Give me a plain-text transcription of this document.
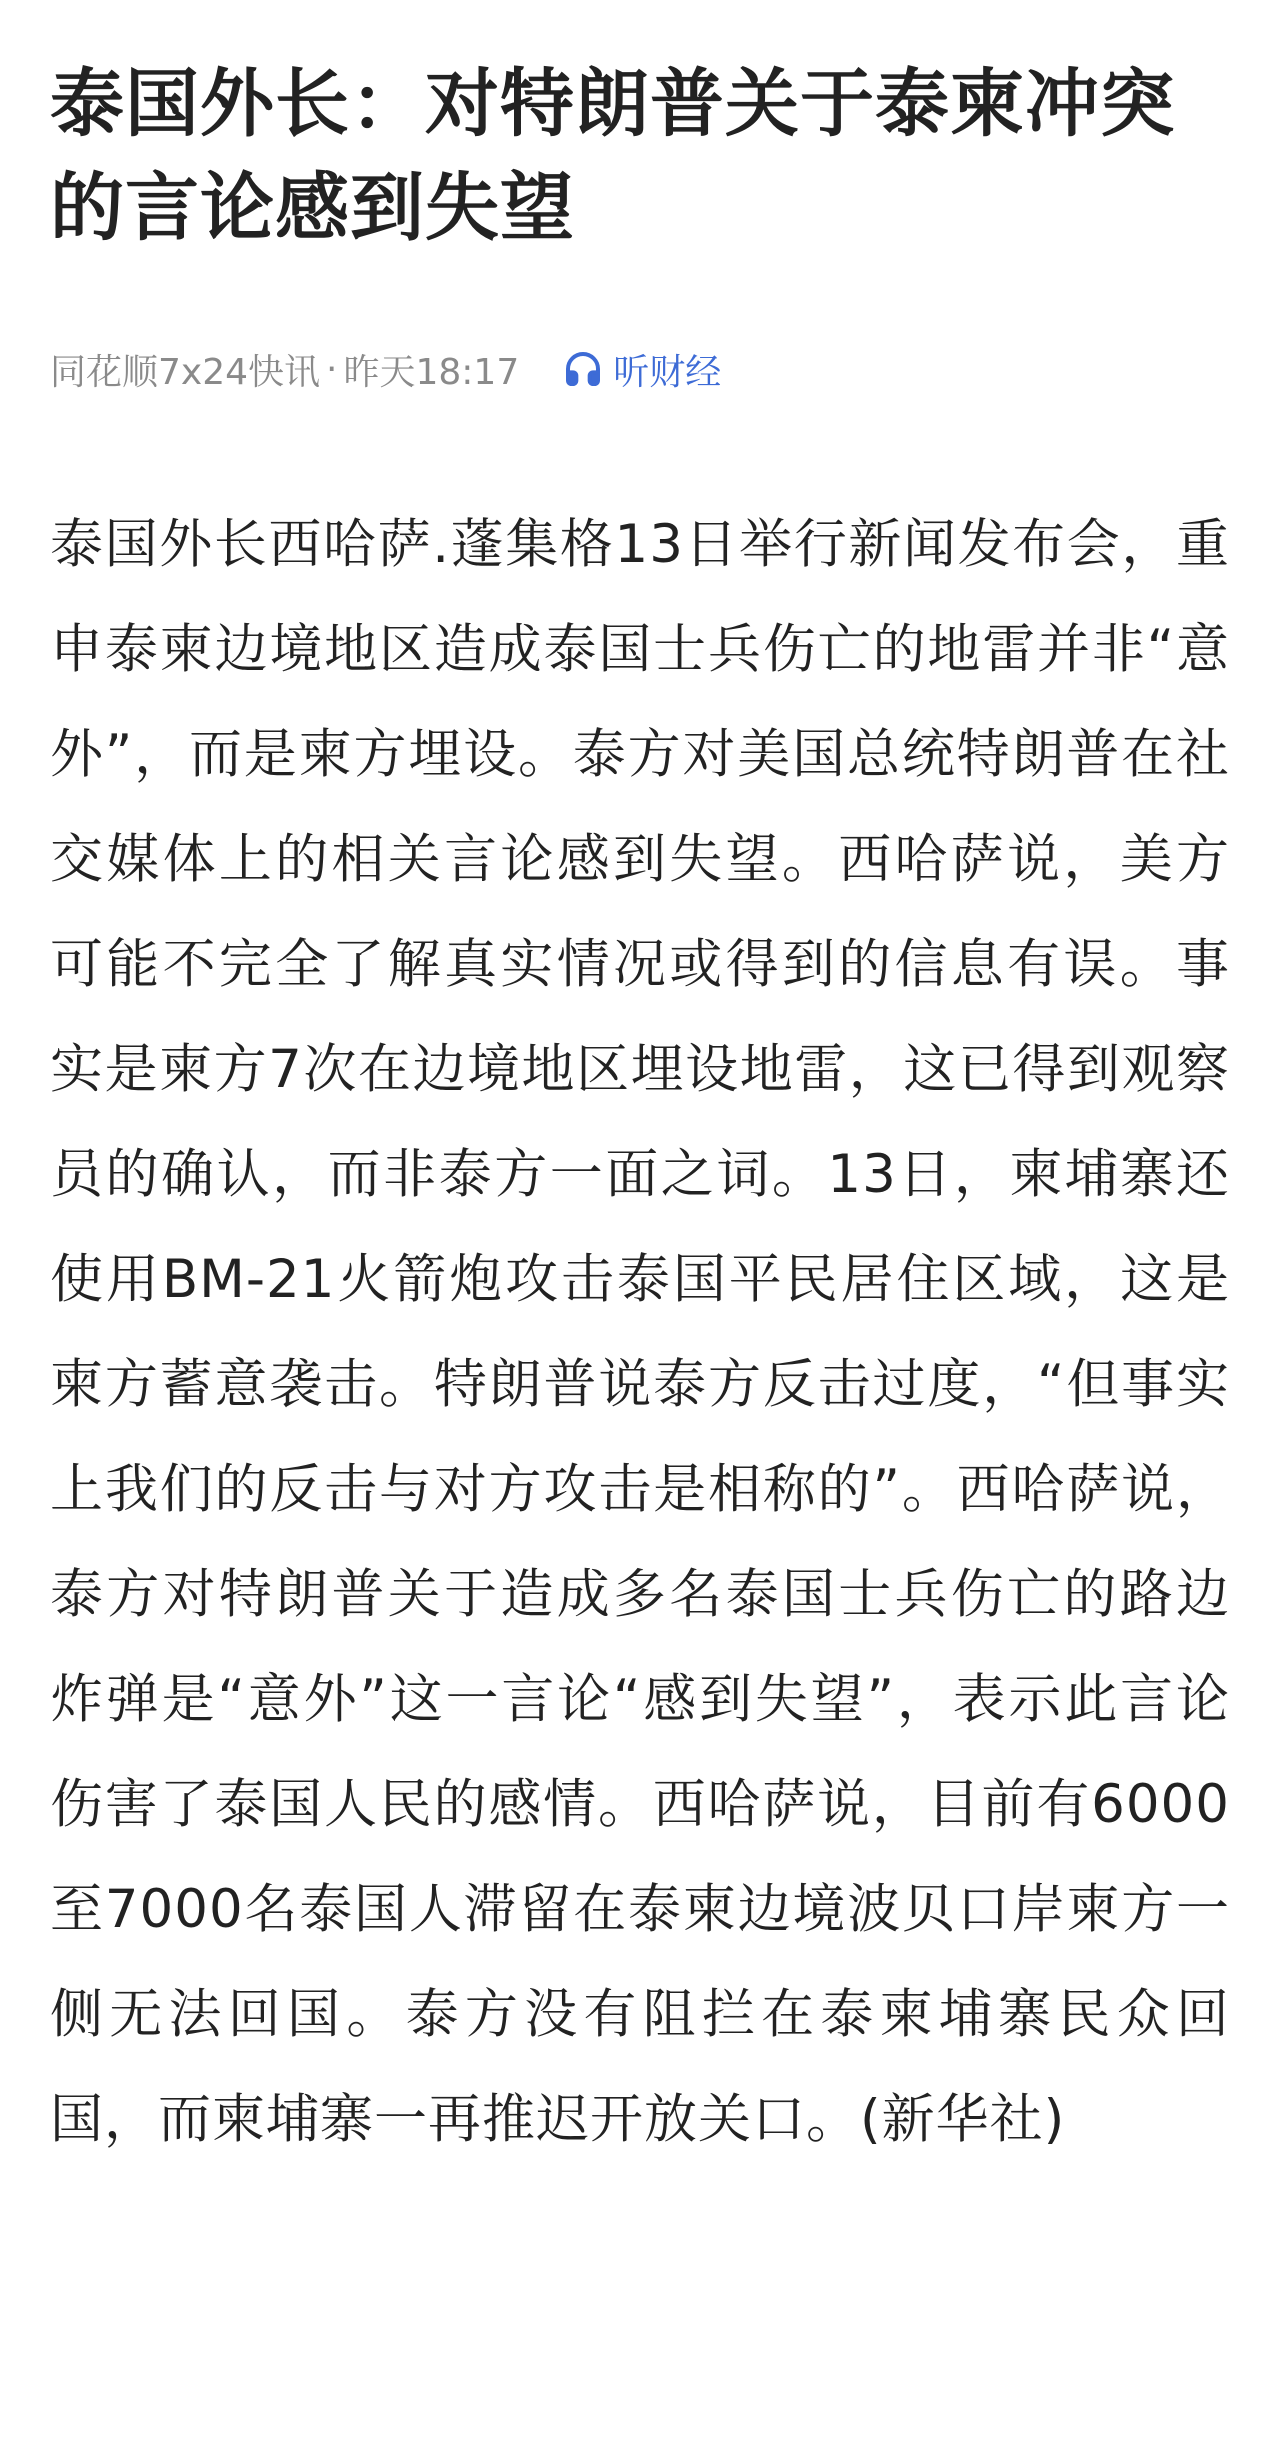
泰国外长：对特朗普关于泰柬冲突的言论感到失望
同花顺7x24快讯 · 昨天18:17	听财经

泰国外长西哈萨.蓬集格13日举行新闻发布会，重申泰柬边境地区造成泰国士兵伤亡的地雷并非“意外”，而是柬方埋设。泰方对美国总统特朗普在社交媒体上的相关言论感到失望。西哈萨说，美方可能不完全了解真实情况或得到的信息有误。事实是柬方7次在边境地区埋设地雷，这已得到观察员的确认，而非泰方一面之词。13日，柬埔寨还使用BM-21火箭炮攻击泰国平民居住区域，这是柬方蓄意袭击。特朗普说泰方反击过度，“但事实上我们的反击与对方攻击是相称的”。西哈萨说，泰方对特朗普关于造成多名泰国士兵伤亡的路边炸弹是“意外”这一言论“感到失望”，表示此言论伤害了泰国人民的感情。西哈萨说，目前有6000至7000名泰国人滞留在泰柬边境波贝口岸柬方一侧无法回国。泰方没有阻拦在泰柬埔寨民众回国，而柬埔寨一再推迟开放关口。(新华社)
